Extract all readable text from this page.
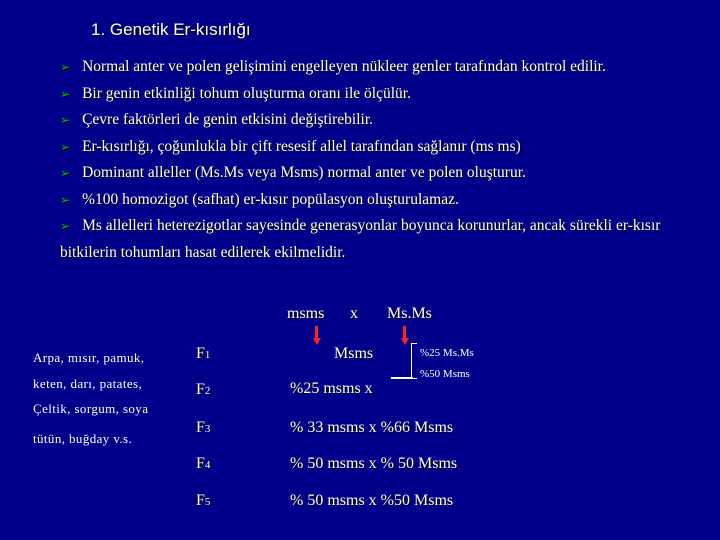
1. Genetik Er-kısırlığı

➢ Normal anter ve polen gelişimini engelleyen nükleer genler tarafından kontrol edilir.

➢ Bir genin etkinliği tohum oluşturma oranı ile ölçülür.

➢ Çevre faktörleri de genin etkisini değiştirebilir.

➢ Er-kısırlığı, çoğunlukla bir çift resesif allel tarafından sağlanır (ms ms)

➢ Dominant alleller (Ms.Ms veya Msms) normal anter ve polen oluşturur.

➢ %100 homozigot (safhat) er-kısır popülasyon oluşturulamaz.

➢ Ms allelleri heterezigotlar sayesinde generasyonlar boyunca korunurlar, ancak sürekli er-kısır bitkilerin tohumları hasat edilerek ekilmelidir.

msms x Ms.Ms
Arpa, mısır, pamuk,
keten, darı, patates,
Çeltik, sorgum, soya
tütün, buğday v.s.
F1
F2
F3
F4
F5
Msms
%25 msms x
% 33 msms x %66 Msms
% 50 msms x % 50 Msms
% 50 msms x %50 Msms
%25 Ms.Ms
%50 Msms
